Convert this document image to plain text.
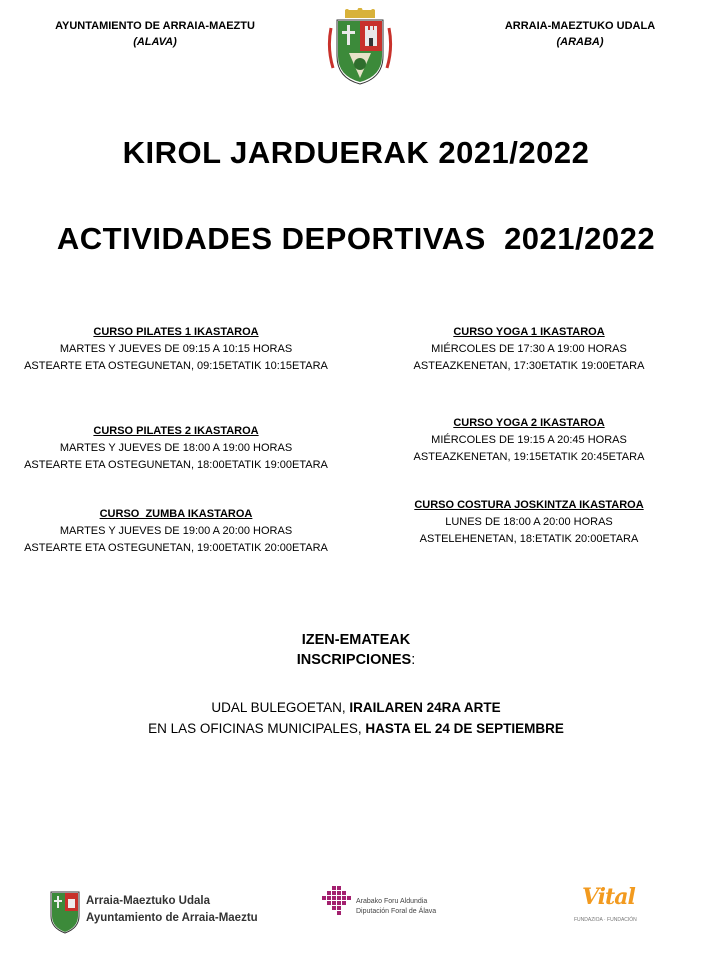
AYUNTAMIENTO DE ARRAIA-MAEZTU
(ALAVA)
ARRAIA-MAEZTUKO UDALA
(ARABA)
KIROL JARDUERAK 2021/2022
ACTIVIDADES DEPORTIVAS  2021/2022
CURSO PILATES 1 IKASTAROA
MARTES Y JUEVES DE 09:15 A 10:15 HORAS
ASTEARTE ETA OSTEGUNETAN, 09:15ETATIK 10:15ETARA
CURSO PILATES 2 IKASTAROA
MARTES Y JUEVES DE 18:00 A 19:00 HORAS
ASTEARTE ETA OSTEGUNETAN, 18:00ETATIK 19:00ETARA
CURSO  ZUMBA IKASTAROA
MARTES Y JUEVES DE 19:00 A 20:00 HORAS
ASTEARTE ETA OSTEGUNETAN, 19:00ETATIK 20:00ETARA
CURSO YOGA 1 IKASTAROA
MIÉRCOLES DE 17:30 A 19:00 HORAS
ASTEAZKENETAN, 17:30ETATIK 19:00ETARA
CURSO YOGA 2 IKASTAROA
MIÉRCOLES DE 19:15 A 20:45 HORAS
ASTEAZKENETAN, 19:15ETATIK 20:45ETARA
CURSO COSTURA JOSKINTZA IKASTAROA
LUNES DE 18:00 A 20:00 HORAS
ASTELEHENETAN, 18:ETATIK 20:00ETARA
IZEN-EMATEAK
INSCRIPCIONES:
UDAL BULEGOETAN, IRAILAREN 24RA ARTE
EN LAS OFICINAS MUNICIPALES, HASTA EL 24 DE SEPTIEMBRE
Arraia-Maeztuko Udala
Ayuntamiento de Arraia-Maeztu
Arabako Foru Aldundia
Diputación Foral de Álava
Vital
FUNDAZIOA · FUNDACIÓN
